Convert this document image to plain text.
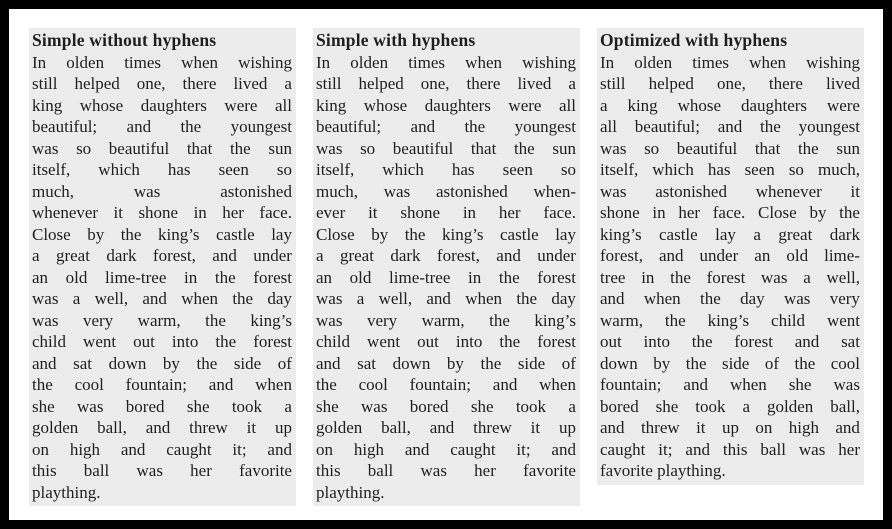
Simple without hyphens
In olden times when wishing
still helped one, there lived a
king whose daughters were all
beautiful; and the youngest
was so beautiful that the sun
itself, which has seen so
much,	was	astonished
whenever it shone in her face.
Close by the king’s castle lay
a great dark forest, and under
an old lime-tree in the forest
was a well, and when the day
was very warm, the king’s
child went out into the forest
and sat down by the side of
the cool fountain; and when
she was bored she took a
golden ball, and threw it up
on high and caught it; and
this ball was her favorite
plaything.
Simple with hyphens
In olden times when wishing
still helped one, there lived a
king whose daughters were all
beautiful; and the youngest
was so beautiful that the sun
itself, which has seen so
much, was astonished when-
ever it shone in her face.
Close by the king’s castle lay
a great dark forest, and under
an old lime-tree in the forest
was a well, and when the day
was very warm, the king’s
child went out into the forest
and sat down by the side of
the cool fountain; and when
she was bored she took a
golden ball, and threw it up
on high and caught it; and
this ball was her favorite
plaything.
Optimized with hyphens
In olden times when wishing
still helped one, there lived
a king whose daughters were
all beautiful; and the youngest
was so beautiful that the sun
itself, which has seen so much,
was astonished whenever it
shone in her face. Close by the
king’s castle lay a great dark
forest, and under an old lime-
tree in the forest was a well,
and when the day was very
warm, the king’s child went
out into the forest and sat
down by the side of the cool
fountain; and when she was
bored she took a golden ball,
and threw it up on high and
caught it; and this ball was her
favorite plaything.
